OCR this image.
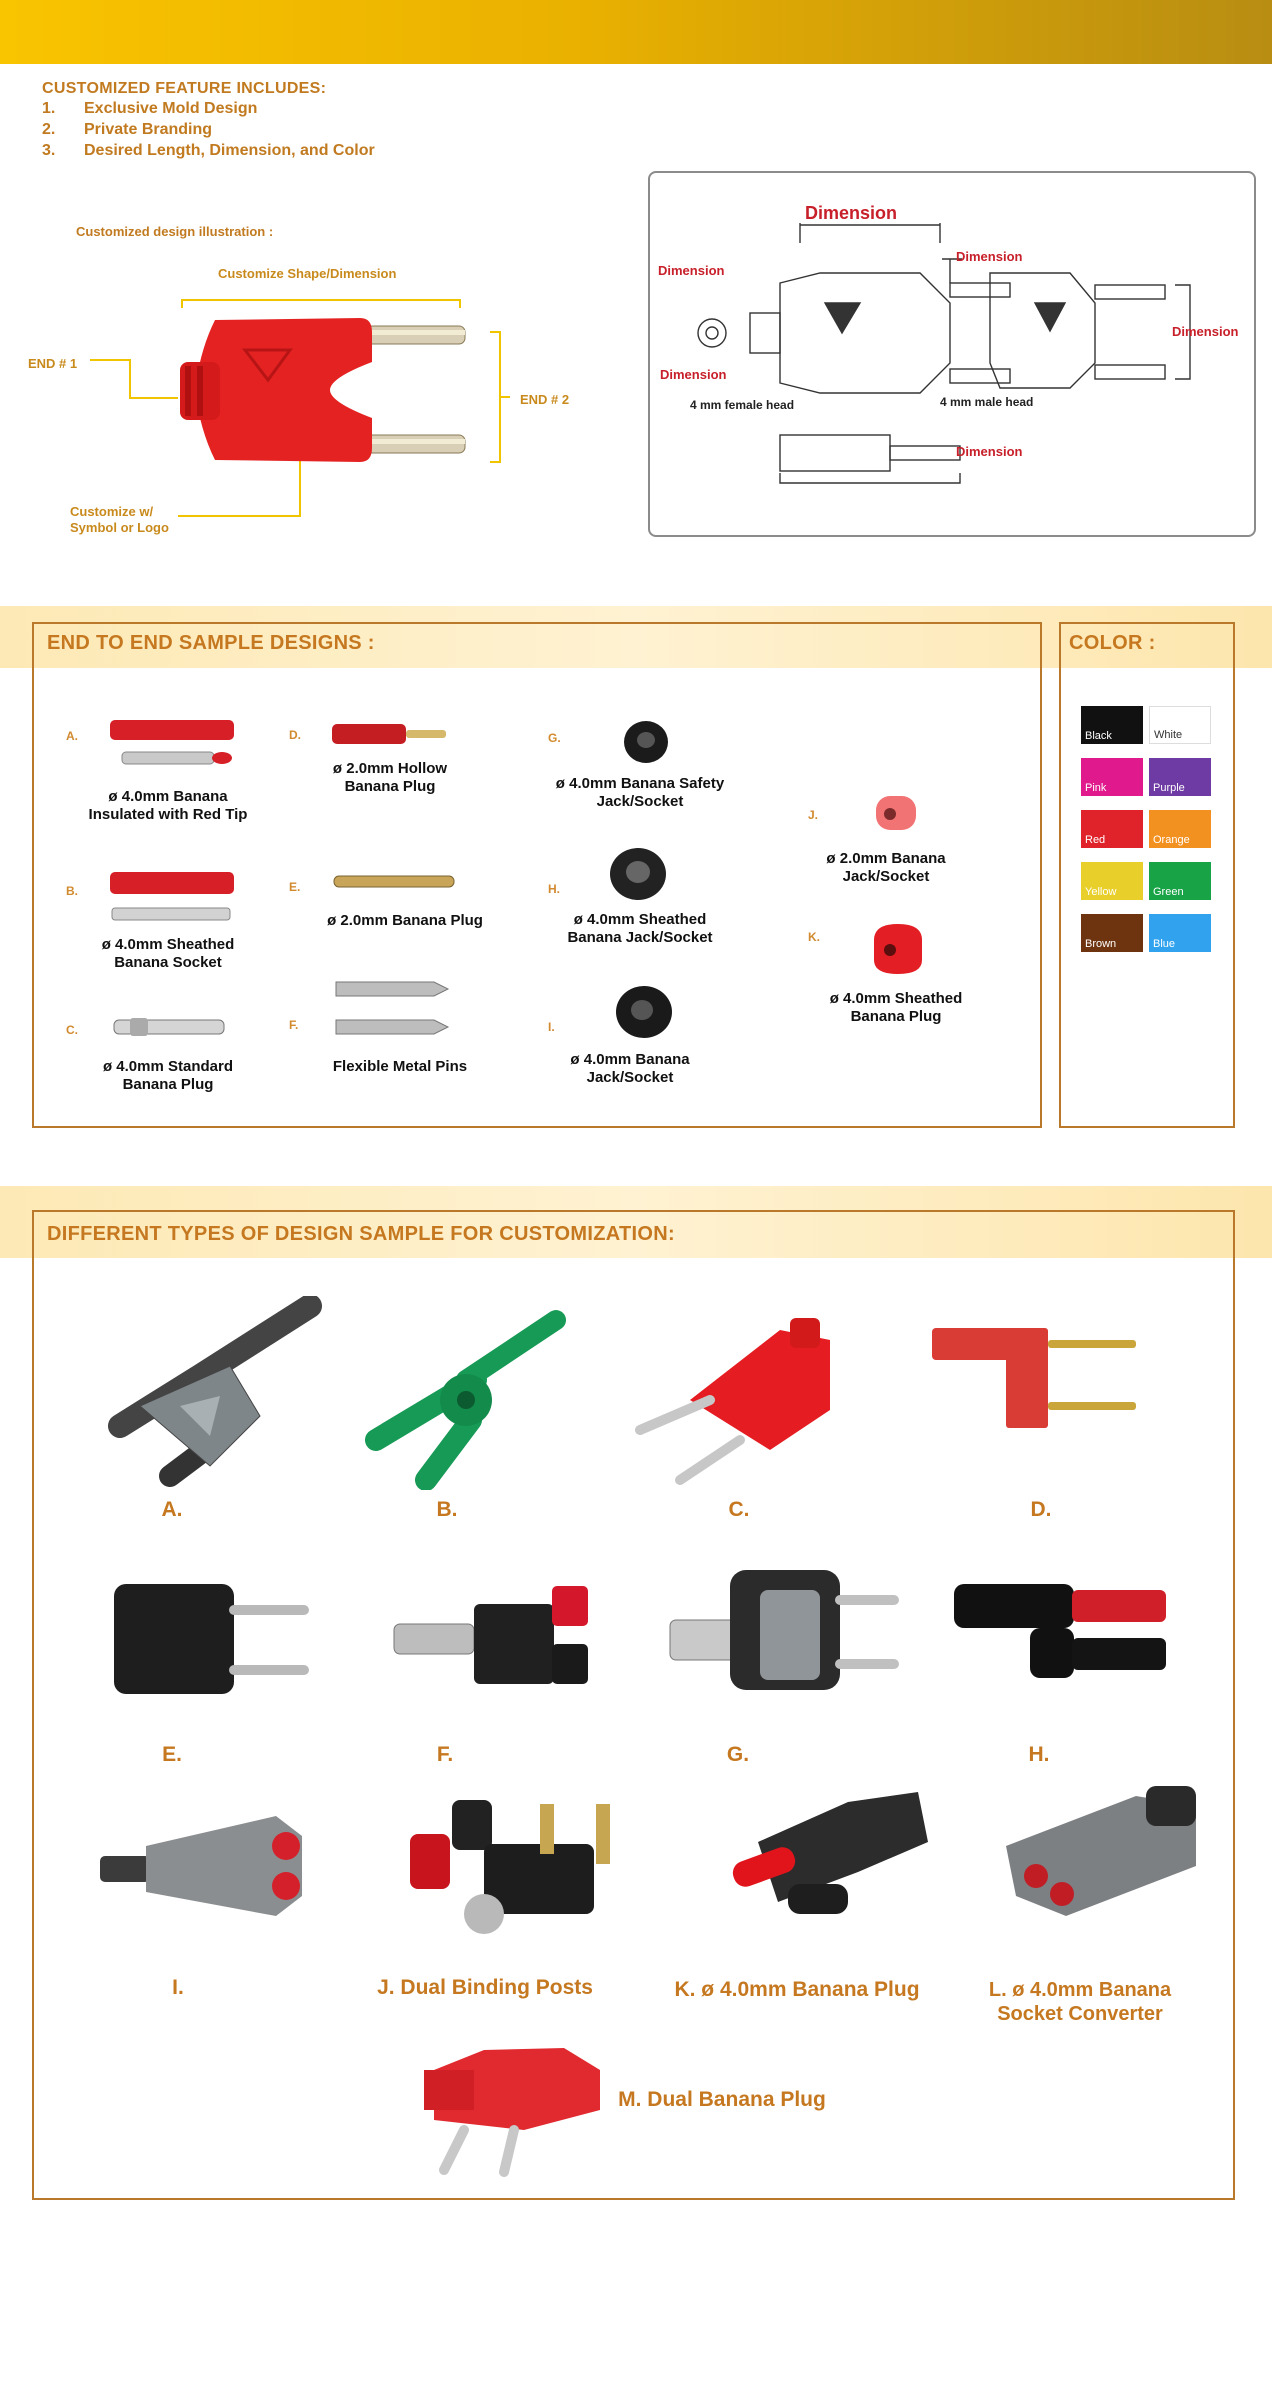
CUSTOMIZED FEATURE INCLUDES:
1. Exclusive Mold Design
2. Private Branding
3. Desired Length, Dimension, and Color
Customized design illustration :
Customize Shape/Dimension
END # 1
END # 2
Customize w/
Symbol or Logo
Dimension
Dimension
Dimension
Dimension
Dimension
Dimension
4 mm female head	4 mm male head
END TO END SAMPLE DESIGNS :
A.
ø 4.0mm Banana
Insulated with Red Tip
B.
ø 4.0mm Sheathed
Banana Socket
C.
ø 4.0mm Standard
Banana Plug
D.
ø 2.0mm Hollow
Banana Plug
E.
ø 2.0mm Banana Plug
F.
Flexible Metal Pins
G.
ø 4.0mm Banana Safety
Jack/Socket
H.
ø 4.0mm Sheathed
Banana Jack/Socket
I.
ø 4.0mm Banana
Jack/Socket
J.
ø 2.0mm Banana
Jack/Socket
K.
ø 4.0mm Sheathed
Banana Plug
COLOR :
Black	White
Pink	Purple
Red	Orange
Yellow	Green
Brown	Blue
DIFFERENT TYPES OF DESIGN SAMPLE FOR CUSTOMIZATION:
A.	B.	C.	D.
E.	F.	G.	H.
I.	J. Dual Binding Posts	K. ø 4.0mm Banana Plug	L. ø 4.0mm Banana
Socket Converter
M. Dual Banana Plug
